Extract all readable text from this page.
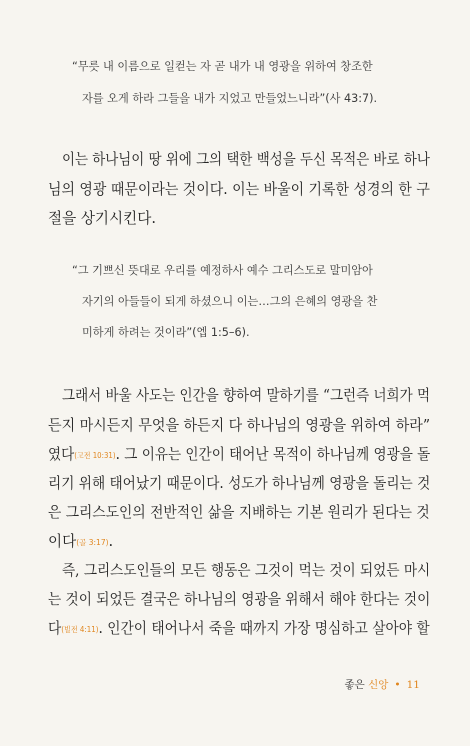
“무릇 내 이름으로 일컫는 자 곧 내가 내 영광을 위하여 창조한
자를 오게 하라 그들을 내가 지었고 만들었느니라”(사 43:7).
이는 하나님이 땅 위에 그의 택한 백성을 두신 목적은 바로 하나
님의 영광 때문이라는 것이다. 이는 바울이 기록한 성경의 한 구
절을 상기시킨다.
“그 기쁘신 뜻대로 우리를 예정하사 예수 그리스도로 말미암아
자기의 아들들이 되게 하셨으니 이는…그의 은혜의 영광을 찬
미하게 하려는 것이라”(엡 1:5–6).
그래서 바울 사도는 인간을 향하여 말하기를 “그런즉 너희가 먹
든지 마시든지 무엇을 하든지 다 하나님의 영광을 위하여 하라”
였다(고전 10:31). 그 이유는 인간이 태어난 목적이 하나님께 영광을 돌
리기 위해 태어났기 때문이다. 성도가 하나님께 영광을 돌리는 것
은 그리스도인의 전반적인 삶을 지배하는 기본 원리가 된다는 것
이다(골 3:17).
즉, 그리스도인들의 모든 행동은 그것이 먹는 것이 되었든 마시
는 것이 되었든 결국은 하나님의 영광을 위해서 해야 한다는 것이
다(빌전 4:11). 인간이 태어나서 죽을 때까지 가장 명심하고 살아야 할
좋은 신앙 • 11
